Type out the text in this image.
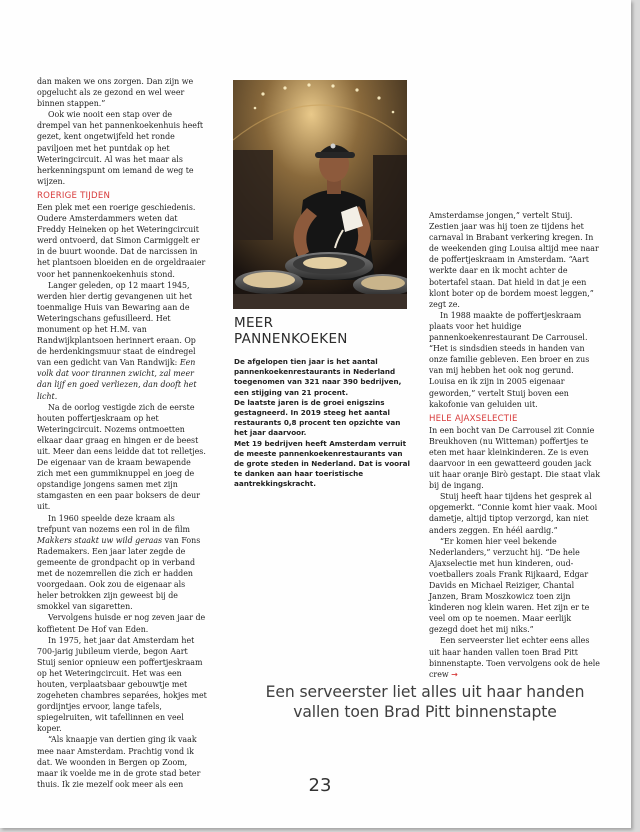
dan maken we ons zorgen. Dan zijn we opgelucht als ze gezond en wel weer binnen stappen.”

Ook wie nooit een stap over de drempel van het pannenkoekenhuis heeft gezet, kent ongetwijfeld het ronde paviljoen met het puntdak op het Weteringcircuit. Al was het maar als herkenningspunt om iemand de weg te wijzen.

ROERIGE TIJDEN

Een plek met een roerige geschiedenis. Oudere Amsterdammers weten dat Freddy Heineken op het Weteringcircuit werd ontvoerd, dat Simon Carmiggelt er in de buurt woonde. Dat de narcissen in het plantsoen bloeiden en de orgeldraaier voor het pannenkoekenhuis stond.

Langer geleden, op 12 maart 1945, werden hier dertig gevangenen uit het toenmalige Huis van Bewaring aan de Weteringschans gefusilleerd. Het monument op het H.M. van Randwijkplantsoen herinnert eraan. Op de herdenkingsmuur staat de eindregel van een gedicht van Van Randwijk: Een volk dat voor tirannen zwicht, zal meer dan lijf en goed verliezen, dan dooft het licht.

Na de oorlog vestigde zich de eerste houten poffertjeskraam op het Weteringcircuit. Nozems ontmoetten elkaar daar graag en hingen er de beest uit. Meer dan eens leidde dat tot relletjes. De eigenaar van de kraam bewapende zich met een gummiknuppel en joeg de opstandige jongens samen met zijn stamgasten en een paar boksers de deur uit.

In 1960 speelde deze kraam als trefpunt van nozems een rol in de film Makkers staakt uw wild geraas van Fons Rademakers. Een jaar later zegde de gemeente de grondpacht op in verband met de nozemrellen die zich er hadden voorgedaan. Ook zou de eigenaar als heler betrokken zijn geweest bij de smokkel van sigaretten.

Vervolgens huisde er nog zeven jaar de koffietent De Hof van Eden.

In 1975, het jaar dat Amsterdam het 700-jarig jubileum vierde, begon Aart Stuij senior opnieuw een poffertjeskraam op het Weteringcircuit. Het was een houten, verplaatsbaar gebouwtje met zogeheten chambres separées, hokjes met gordijntjes ervoor, lange tafels, spiegelruiten, wit tafellinnen en veel koper.

“Als knaapje van dertien ging ik vaak mee naar Amsterdam. Prachtig vond ik dat. We woonden in Bergen op Zoom, maar ik voelde me in de grote stad beter thuis. Ik zie mezelf ook meer als een

MEER
PANNENKOEKEN

De afgelopen tien jaar is het aantal pannenkoekenrestaurants in Nederland toegenomen van 321 naar 390 bedrijven, een stijging van 21 procent.

De laatste jaren is de groei enigszins gestagneerd. In 2019 steeg het aantal restaurants 0,8 procent ten opzichte van het jaar daarvoor.

Met 19 bedrijven heeft Amsterdam verruit de meeste pannenkoekenrestaurants van de grote steden in Nederland. Dat is vooral te danken aan haar toeristische aantrekkingskracht.

Amsterdamse jongen,” vertelt Stuij. Zestien jaar was hij toen ze tijdens het carnaval in Brabant verkering kregen. In de weekenden ging Louisa altijd mee naar de poffertjeskraam in Amsterdam. “Aart werkte daar en ik mocht achter de botertafel staan. Dat hield in dat je een klont boter op de bordem moest leggen,” zegt ze.

In 1988 maakte de poffertjeskraam plaats voor het huidige pannenkoekenrestaurant De Carrousel. “Het is sindsdien steeds in handen van onze familie gebleven. Een broer en zus van mij hebben het ook nog gerund. Louisa en ik zijn in 2005 eigenaar geworden,” vertelt Stuij boven een kakofonie van geluiden uit.

HELE AJAXSELECTIE

In een bocht van De Carrousel zit Connie Breukhoven (nu Witteman) poffertjes te eten met haar kleinkinderen. Ze is even daarvoor in een gewatteerd gouden jack uit haar oranje Birò gestapt. Die staat vlak bij de ingang.

Stuij heeft haar tijdens het gesprek al opgemerkt. “Connie komt hier vaak. Mooi dametje, altijd tiptop verzorgd, kan niet anders zeggen. En héél aardig.”

“Er komen hier veel bekende Nederlanders,” verzucht hij. “De hele Ajaxselectie met hun kinderen, oud-voetballers zoals Frank Rijkaard, Edgar Davids en Michael Reiziger, Chantal Janzen, Bram Moszkowicz toen zijn kinderen nog klein waren. Het zijn er te veel om op te noemen. Maar eerlijk gezegd doet het mij niks.”

Een serveerster liet echter eens alles uit haar handen vallen toen Brad Pitt binnenstapte. Toen vervolgens ook de hele crew →

Een serveerster liet alles uit haar handen
vallen toen Brad Pitt binnenstapte
23
